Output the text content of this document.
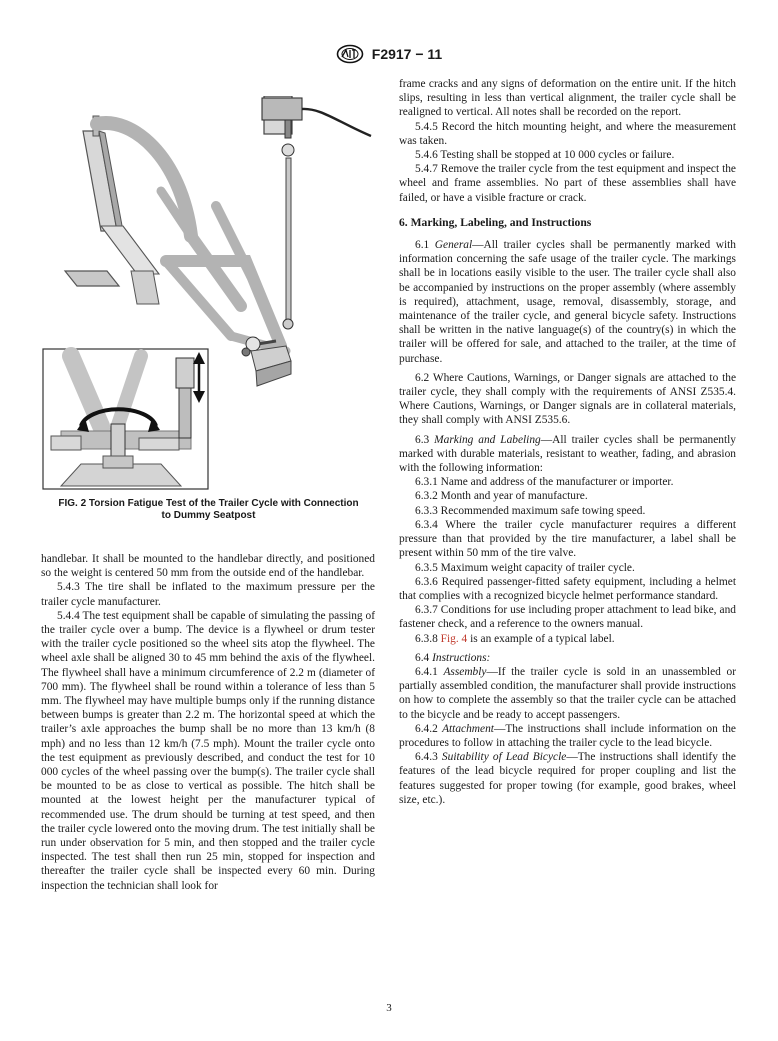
F2917 − 11
FIG. 2 Torsion Fatigue Test of the Trailer Cycle with Connection
to Dummy Seatpost

handlebar. It shall be mounted to the handlebar directly, and positioned so the weight is centered 50 mm from the outside end of the handlebar.

5.4.3 The tire shall be inflated to the maximum pressure per the trailer cycle manufacturer.

5.4.4 The test equipment shall be capable of simulating the passing of the trailer cycle over a bump. The device is a flywheel or drum tester with the trailer cycle positioned so the wheel sits atop the flywheel. The wheel axle shall be aligned 30 to 45 mm behind the axis of the flywheel. The flywheel shall have a minimum circumference of 2.2 m (diameter of 700 mm). The flywheel shall be round within a tolerance of less than 5 mm. The flywheel may have multiple bumps only if the running distance between bumps is greater than 2.2 m. The horizontal speed at which the trailer’s axle approaches the bump shall be no more than 13 km/h (8 mph) and no less than 12 km/h (7.5 mph). Mount the trailer cycle onto the test equipment as previously described, and conduct the test for 10 000 cycles of the wheel passing over the bump(s). The trailer cycle shall be mounted to be as close to vertical as possible. The hitch shall be mounted at the lowest height per the manufacturer typical of recommended use. The drum should be turning at test speed, and then the trailer cycle lowered onto the moving drum. The test initially shall be run under observation for 5 min, and then stopped and the trailer cycle inspected. The test shall then run 25 min, stopped for inspection and thereafter the trailer cycle shall be inspected every 60 min. During inspection the technician shall look for

frame cracks and any signs of deformation on the entire unit. If the hitch slips, resulting in less than vertical alignment, the trailer cycle shall be realigned to vertical. All notes shall be recorded on the report.

5.4.5 Record the hitch mounting height, and where the measurement was taken.

5.4.6 Testing shall be stopped at 10 000 cycles or failure.

5.4.7 Remove the trailer cycle from the test equipment and inspect the wheel and frame assemblies. No part of these assemblies shall have failed, or have a visible fracture or crack.

6. Marking, Labeling, and Instructions

6.1 General—All trailer cycles shall be permanently marked with information concerning the safe usage of the trailer cycle. The markings shall be in locations easily visible to the user. The trailer cycle shall also be accompanied by instructions on the proper assembly (where assembly is required), attachment, usage, removal, disassembly, storage, and maintenance of the trailer cycle, and general bicycle safety. Instructions shall be written in the native language(s) of the country(s) in which the trailer will be offered for sale, and attached to the trailer, at the time of purchase.

6.2 Where Cautions, Warnings, or Danger signals are attached to the trailer cycle, they shall comply with the requirements of ANSI Z535.4. Where Cautions, Warnings, or Danger signals are in collateral materials, they shall comply with ANSI Z535.6.

6.3 Marking and Labeling—All trailer cycles shall be permanently marked with durable materials, resistant to weather, fading, and abrasion with the following information:

6.3.1 Name and address of the manufacturer or importer.

6.3.2 Month and year of manufacture.

6.3.3 Recommended maximum safe towing speed.

6.3.4 Where the trailer cycle manufacturer requires a different pressure than that provided by the tire manufacturer, a label shall be present within 50 mm of the tire valve.

6.3.5 Maximum weight capacity of trailer cycle.

6.3.6 Required passenger-fitted safety equipment, including a helmet that complies with a recognized bicycle helmet performance standard.

6.3.7 Conditions for use including proper attachment to lead bike, and fastener check, and a reference to the owners manual.

6.3.8 Fig. 4 is an example of a typical label.

6.4 Instructions:

6.4.1 Assembly—If the trailer cycle is sold in an unassembled or partially assembled condition, the manufacturer shall provide instructions on how to complete the assembly so that the trailer cycle can be attached to the bicycle and be ready to accept passengers.

6.4.2 Attachment—The instructions shall include information on the procedures to follow in attaching the trailer cycle to the lead bicycle.

6.4.3 Suitability of Lead Bicycle—The instructions shall identify the features of the lead bicycle required for proper coupling and list the features suggested for proper towing (for example, good brakes, wheel size, etc.).

3
